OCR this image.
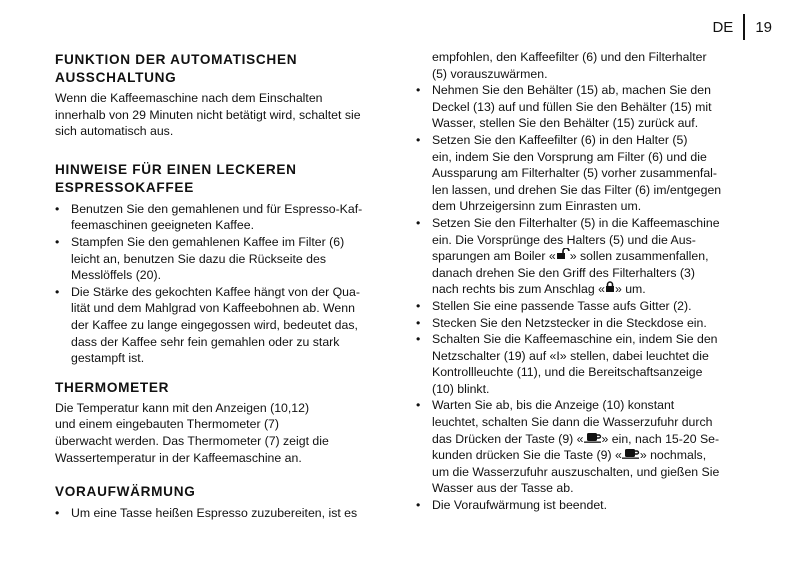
DE 19
FUNKTION DER AUTOMATISCHEN AUSSCHALTUNG

Wenn die Kaffeemaschine nach dem Einschalten
innerhalb von 29 Minuten nicht betätigt wird, schaltet sie
sich automatisch aus.

HINWEISE FÜR EINEN LECKEREN ESPRESSOKAFFEE
• Benutzen Sie den gemahlenen und für Espresso-Kaf-
feemaschinen geeigneten Kaffee.
• Stampfen Sie den gemahlenen Kaffee im Filter (6)
leicht an, benutzen Sie dazu die Rückseite des
Messlöffels (20).
• Die Stärke des gekochten Kaffee hängt von der Qua-
lität und dem Mahlgrad von Kaffeebohnen ab. Wenn
der Kaffee zu lange eingegossen wird, bedeutet das,
dass der Kaffee sehr fein gemahlen oder zu stark
gestampft ist.
THERMOMETER

Die Temperatur kann mit den Anzeigen (10,12)
und einem eingebauten Thermometer (7)
überwacht werden. Das Thermometer (7) zeigt die
Wassertemperatur in der Kaffeemaschine an.

VORAUFWÄRMUNG
• Um eine Tasse heißen Espresso zuzubereiten, ist es
empfohlen, den Kaffeefilter (6) und den Filterhalter
(5) vorauszuwärmen.
• Nehmen Sie den Behälter (15) ab, machen Sie den
Deckel (13) auf und füllen Sie den Behälter (15) mit
Wasser, stellen Sie den Behälter (15) zurück auf.
• Setzen Sie den Kaffeefilter (6) in den Halter (5)
ein, indem Sie den Vorsprung am Filter (6) und die
Aussparung am Filterhalter (5) vorher zusammenfal-
len lassen, und drehen Sie das Filter (6) im/entgegen
dem Uhrzeigersinn zum Einrasten um.
• Setzen Sie den Filterhalter (5) in die Kaffeemaschine
ein. Die Vorsprünge des Halters (5) und die Aus-
sparungen am Boiler « » sollen zusammenfallen,
danach drehen Sie den Griff des Filterhalters (3)
nach rechts bis zum Anschlag « » um.
• Stellen Sie eine passende Tasse aufs Gitter (2).
• Stecken Sie den Netzstecker in die Steckdose ein.
• Schalten Sie die Kaffeemaschine ein, indem Sie den
Netzschalter (19) auf «I» stellen, dabei leuchtet die
Kontrollleuchte (11), und die Bereitschaftsanzeige
(10) blinkt.
• Warten Sie ab, bis die Anzeige (10) konstant
leuchtet, schalten Sie dann die Wasserzufuhr durch
das Drücken der Taste (9) « » ein, nach 15-20 Se-
kunden drücken Sie die Taste (9) « » nochmals,
um die Wasserzufuhr auszuschalten, und gießen Sie
Wasser aus der Tasse ab.
• Die Voraufwärmung ist beendet.
